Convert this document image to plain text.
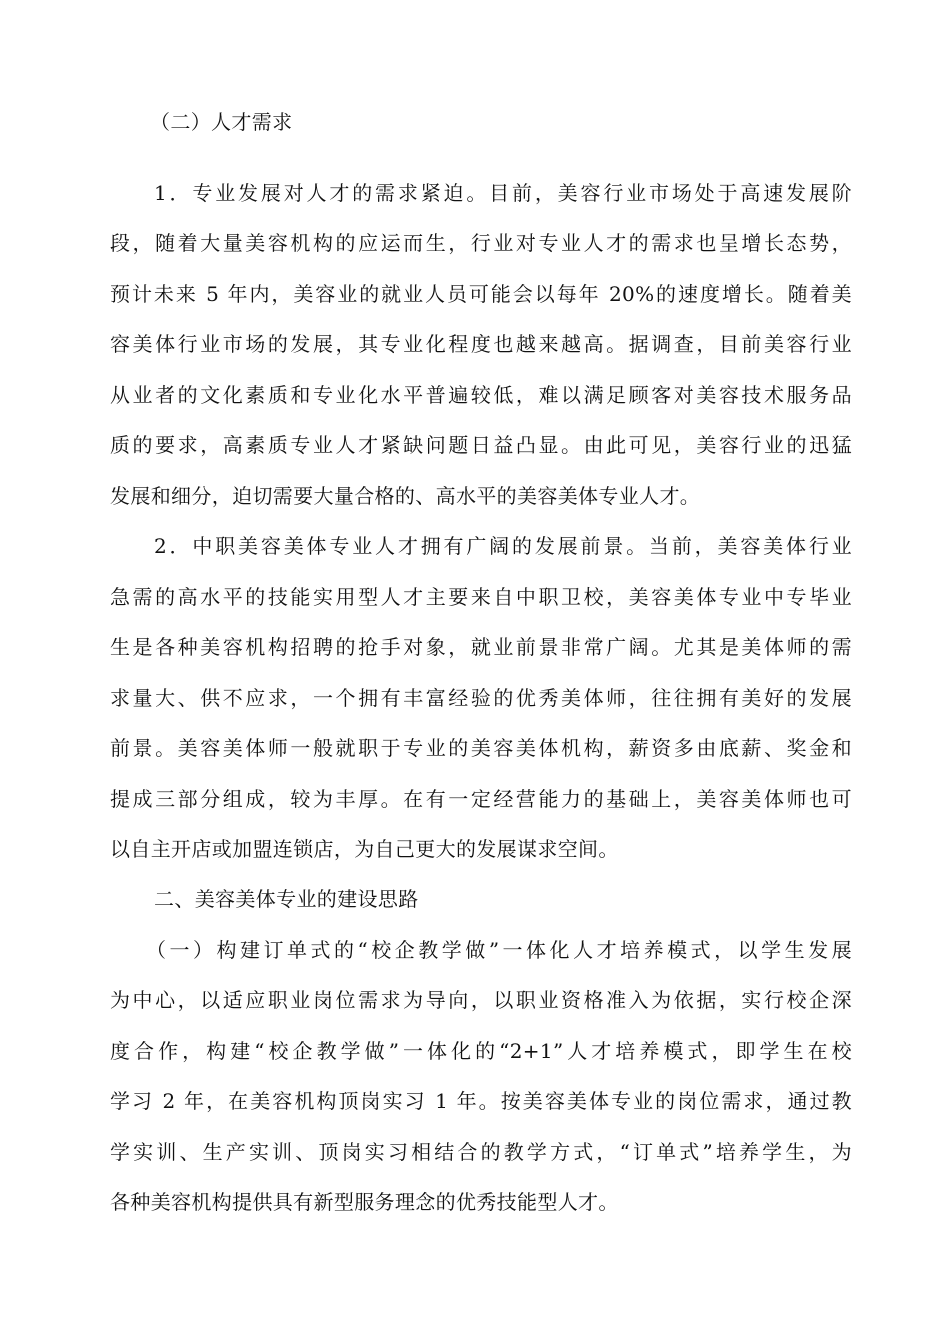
（二）人才需求
1．专业发展对人才的需求紧迫。目前，美容行业市场处于高速发展阶
段，随着大量美容机构的应运而生，行业对专业人才的需求也呈增长态势，
预计未来 5 年内，美容业的就业人员可能会以每年 20%的速度增长。随着美
容美体行业市场的发展，其专业化程度也越来越高。据调查，目前美容行业
从业者的文化素质和专业化水平普遍较低，难以满足顾客对美容技术服务品
质的要求，高素质专业人才紧缺问题日益凸显。由此可见，美容行业的迅猛
发展和细分，迫切需要大量合格的、高水平的美容美体专业人才。
2．中职美容美体专业人才拥有广阔的发展前景。当前，美容美体行业
急需的高水平的技能实用型人才主要来自中职卫校，美容美体专业中专毕业
生是各种美容机构招聘的抢手对象，就业前景非常广阔。尤其是美体师的需
求量大、供不应求，一个拥有丰富经验的优秀美体师，往往拥有美好的发展
前景。美容美体师一般就职于专业的美容美体机构，薪资多由底薪、奖金和
提成三部分组成，较为丰厚。在有一定经营能力的基础上，美容美体师也可
以自主开店或加盟连锁店，为自己更大的发展谋求空间。
二、美容美体专业的建设思路
（一）构建订单式的“校企教学做”一体化人才培养模式，以学生发展
为中心，以适应职业岗位需求为导向，以职业资格准入为依据，实行校企深
度合作，构建“校企教学做”一体化的“2+1”人才培养模式，即学生在校
学习 2 年，在美容机构顶岗实习 1 年。按美容美体专业的岗位需求，通过教
学实训、生产实训、顶岗实习相结合的教学方式，“订单式”培养学生，为
各种美容机构提供具有新型服务理念的优秀技能型人才。
